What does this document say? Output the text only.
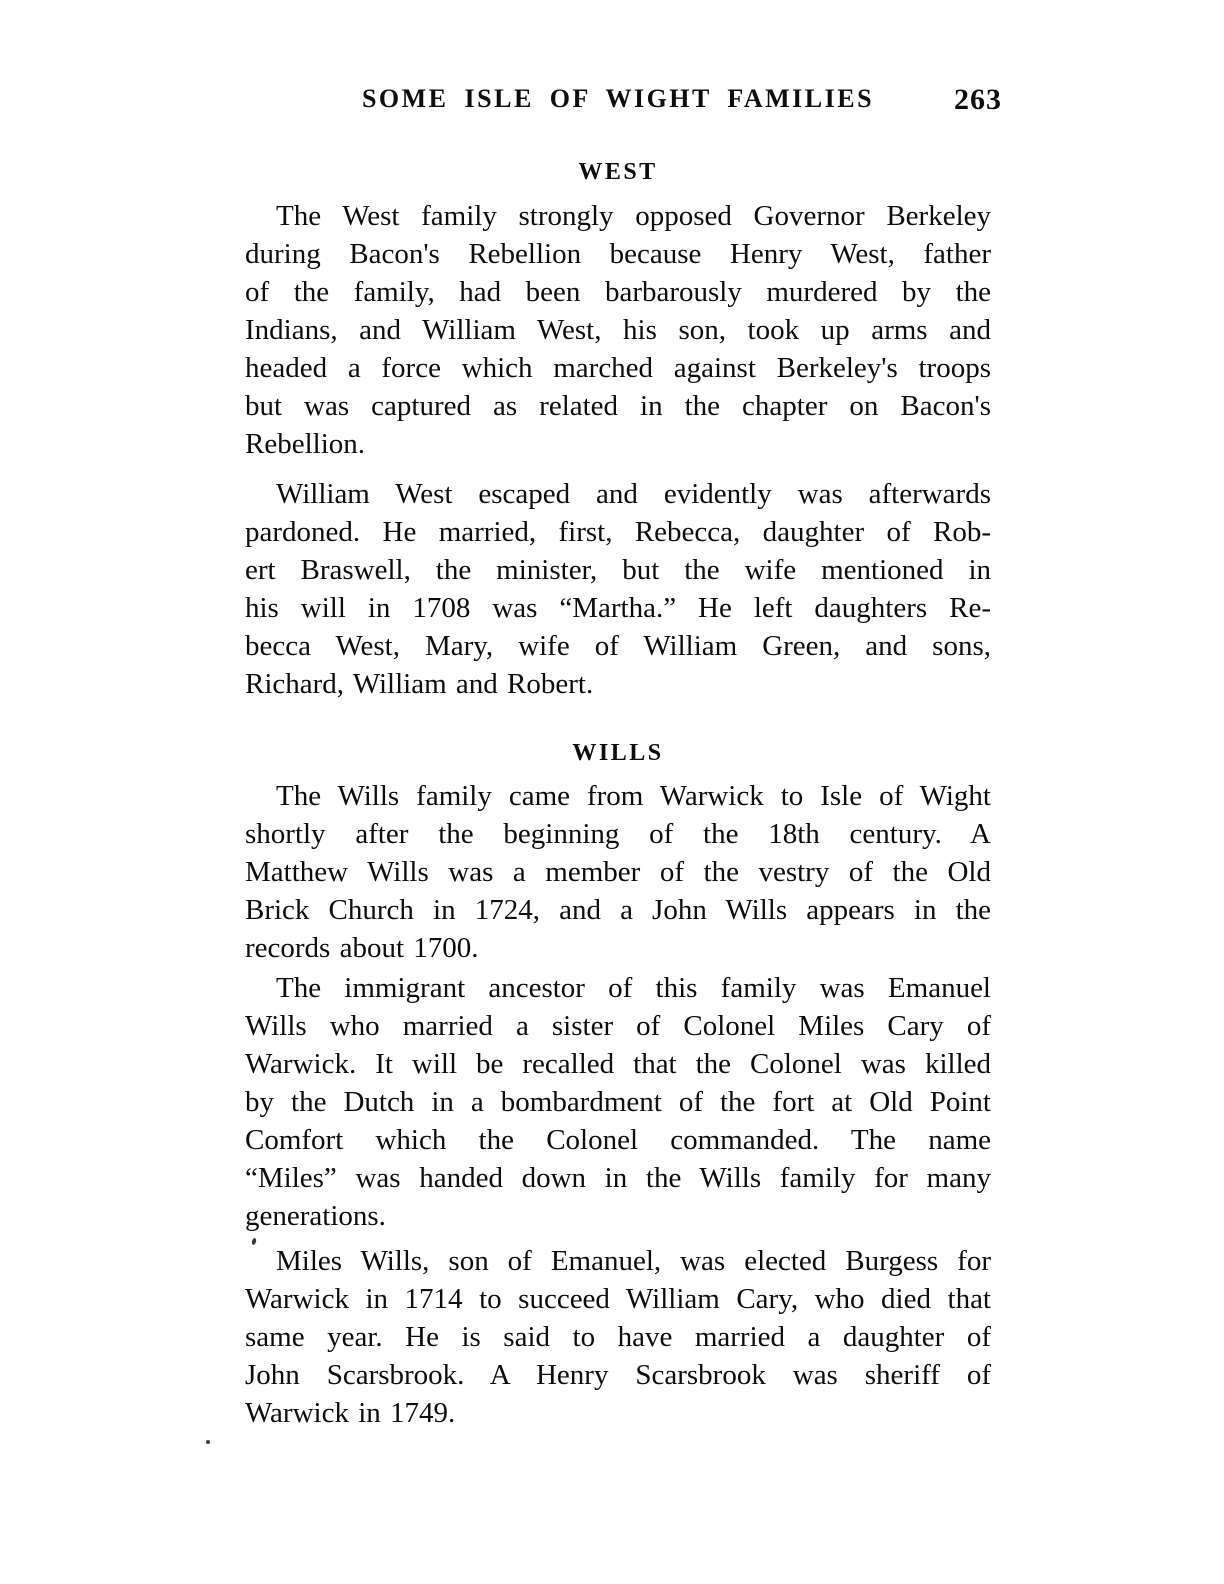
SOME ISLE OF WIGHT FAMILIES	263
WEST
The West family strongly opposed Governor Berkeley
during Bacon's Rebellion because Henry West, father
of the family, had been barbarously murdered by the
Indians, and William West, his son, took up arms and
headed a force which marched against Berkeley's troops
but was captured as related in the chapter on Bacon's
Rebellion.
William West escaped and evidently was afterwards
pardoned. He married, first, Rebecca, daughter of Rob-
ert Braswell, the minister, but the wife mentioned in
his will in 1708 was “Martha.” He left daughters Re-
becca West, Mary, wife of William Green, and sons,
Richard, William and Robert.
WILLS
The Wills family came from Warwick to Isle of Wight
shortly after the beginning of the 18th century. A
Matthew Wills was a member of the vestry of the Old
Brick Church in 1724, and a John Wills appears in the
records about 1700.
The immigrant ancestor of this family was Emanuel
Wills who married a sister of Colonel Miles Cary of
Warwick. It will be recalled that the Colonel was killed
by the Dutch in a bombardment of the fort at Old Point
Comfort which the Colonel commanded. The name
“Miles” was handed down in the Wills family for many
generations.
Miles Wills, son of Emanuel, was elected Burgess for
Warwick in 1714 to succeed William Cary, who died that
same year. He is said to have married a daughter of
John Scarsbrook. A Henry Scarsbrook was sheriff of
Warwick in 1749.
